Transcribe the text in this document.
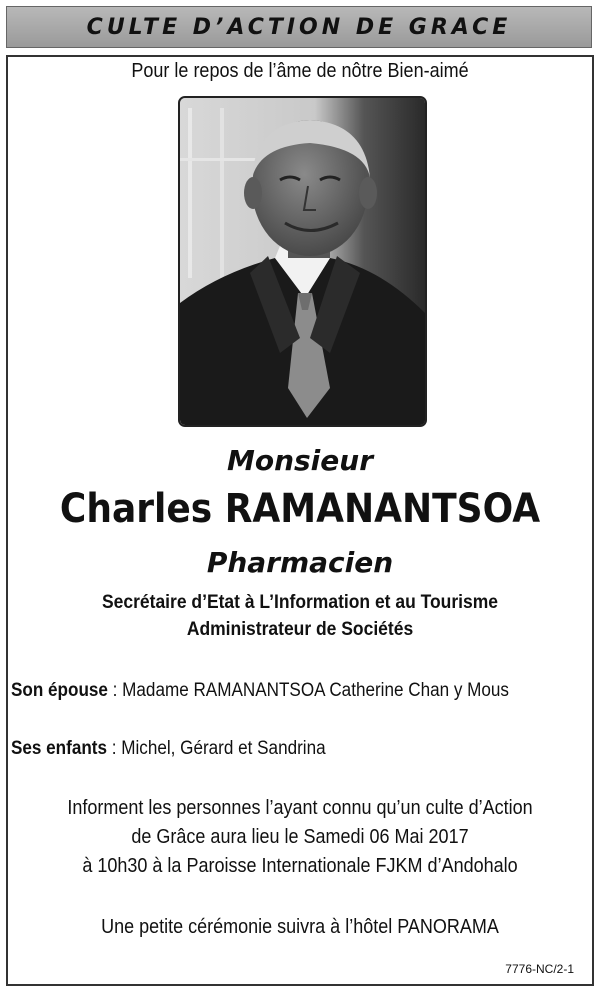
CULTE D’ACTION DE GRACE
Pour le repos de l’âme de nôtre Bien-aimé
Monsieur
Charles RAMANANTSOA
Pharmacien
Secrétaire d’Etat à L’Information et au Tourisme
Administrateur de Sociétés
Son épouse : Madame RAMANANTSOA Catherine Chan y Mous
Ses enfants : Michel, Gérard et Sandrina
Informent les personnes l’ayant connu qu’un culte d’Action
de Grâce aura lieu le Samedi 06 Mai 2017
à 10h30 à la Paroisse Internationale FJKM d’Andohalo
Une petite cérémonie suivra à l’hôtel PANORAMA
7776-NC/2-1
